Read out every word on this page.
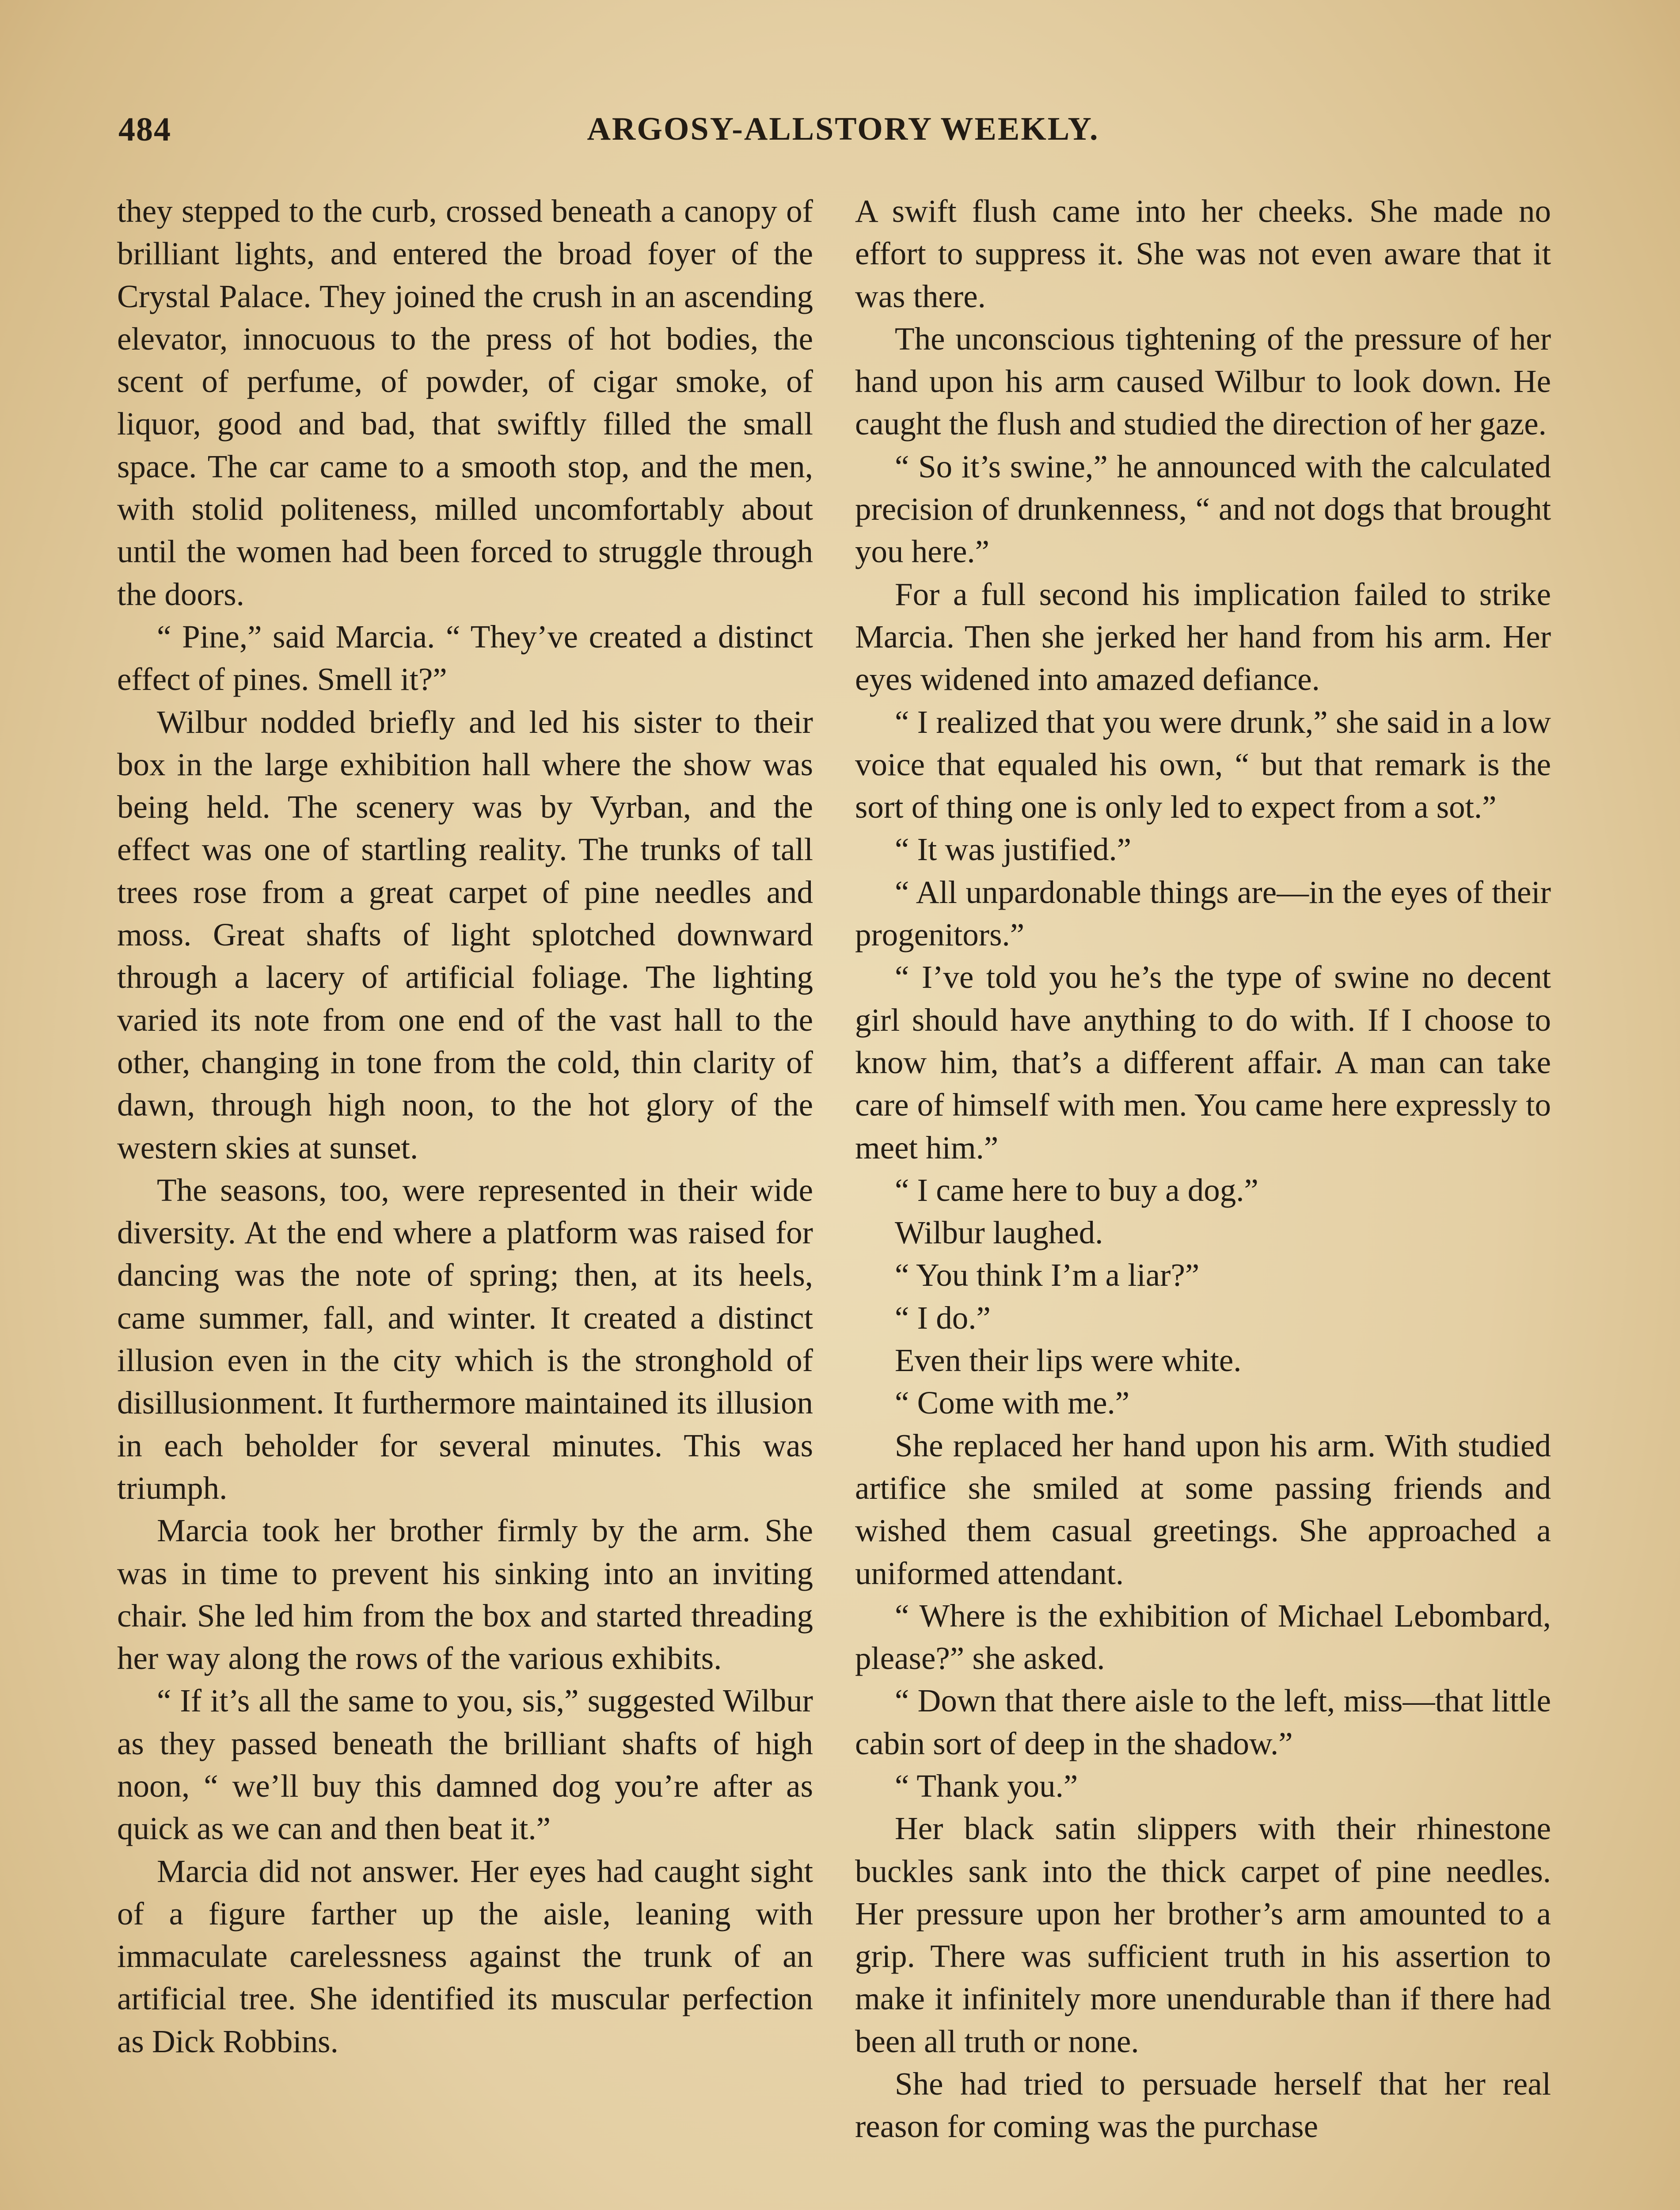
484	ARGOSY-ALLSTORY WEEKLY.

they stepped to the curb, crossed beneath a canopy of brilliant lights, and entered the broad foyer of the Crystal Palace. They joined the crush in an ascending elevator, innocuous to the press of hot bodies, the scent of perfume, of powder, of cigar smoke, of liquor, good and bad, that swiftly filled the small space. The car came to a smooth stop, and the men, with stolid politeness, milled uncomfortably about until the women had been forced to struggle through the doors.

“ Pine,” said Marcia. “ They’ve created a distinct effect of pines. Smell it?”

Wilbur nodded briefly and led his sister to their box in the large exhibition hall where the show was being held. The scenery was by Vyrban, and the effect was one of startling reality. The trunks of tall trees rose from a great carpet of pine needles and moss. Great shafts of light splotched downward through a lacery of artificial foliage. The lighting varied its note from one end of the vast hall to the other, changing in tone from the cold, thin clarity of dawn, through high noon, to the hot glory of the western skies at sunset.

The seasons, too, were represented in their wide diversity. At the end where a platform was raised for dancing was the note of spring; then, at its heels, came summer, fall, and winter. It created a distinct illusion even in the city which is the stronghold of disillusionment. It furthermore maintained its illusion in each beholder for several minutes. This was triumph.

Marcia took her brother firmly by the arm. She was in time to prevent his sinking into an inviting chair. She led him from the box and started threading her way along the rows of the various exhibits.

“ If it’s all the same to you, sis,” suggested Wilbur as they passed beneath the brilliant shafts of high noon, “ we’ll buy this damned dog you’re after as quick as we can and then beat it.”

Marcia did not answer. Her eyes had caught sight of a figure farther up the aisle, leaning with immaculate carelessness against the trunk of an artificial tree. She identified its muscular perfection as Dick Robbins.

A swift flush came into her cheeks. She made no effort to suppress it. She was not even aware that it was there.

The unconscious tightening of the pressure of her hand upon his arm caused Wilbur to look down. He caught the flush and studied the direction of her gaze.

“ So it’s swine,” he announced with the calculated precision of drunkenness, “ and not dogs that brought you here.”

For a full second his implication failed to strike Marcia. Then she jerked her hand from his arm. Her eyes widened into amazed defiance.

“ I realized that you were drunk,” she said in a low voice that equaled his own, “ but that remark is the sort of thing one is only led to expect from a sot.”

“ It was justified.”

“ All unpardonable things are—in the eyes of their progenitors.”

“ I’ve told you he’s the type of swine no decent girl should have anything to do with. If I choose to know him, that’s a different affair. A man can take care of himself with men. You came here expressly to meet him.”

“ I came here to buy a dog.”

Wilbur laughed.

“ You think I’m a liar?”

“ I do.”

Even their lips were white.

“ Come with me.”

She replaced her hand upon his arm. With studied artifice she smiled at some passing friends and wished them casual greetings. She approached a uniformed attendant.

“ Where is the exhibition of Michael Lebombard, please?” she asked.

“ Down that there aisle to the left, miss—that little cabin sort of deep in the shadow.”

“ Thank you.”

Her black satin slippers with their rhinestone buckles sank into the thick carpet of pine needles. Her pressure upon her brother’s arm amounted to a grip. There was sufficient truth in his assertion to make it infinitely more unendurable than if there had been all truth or none.

She had tried to persuade herself that her real reason for coming was the purchase
